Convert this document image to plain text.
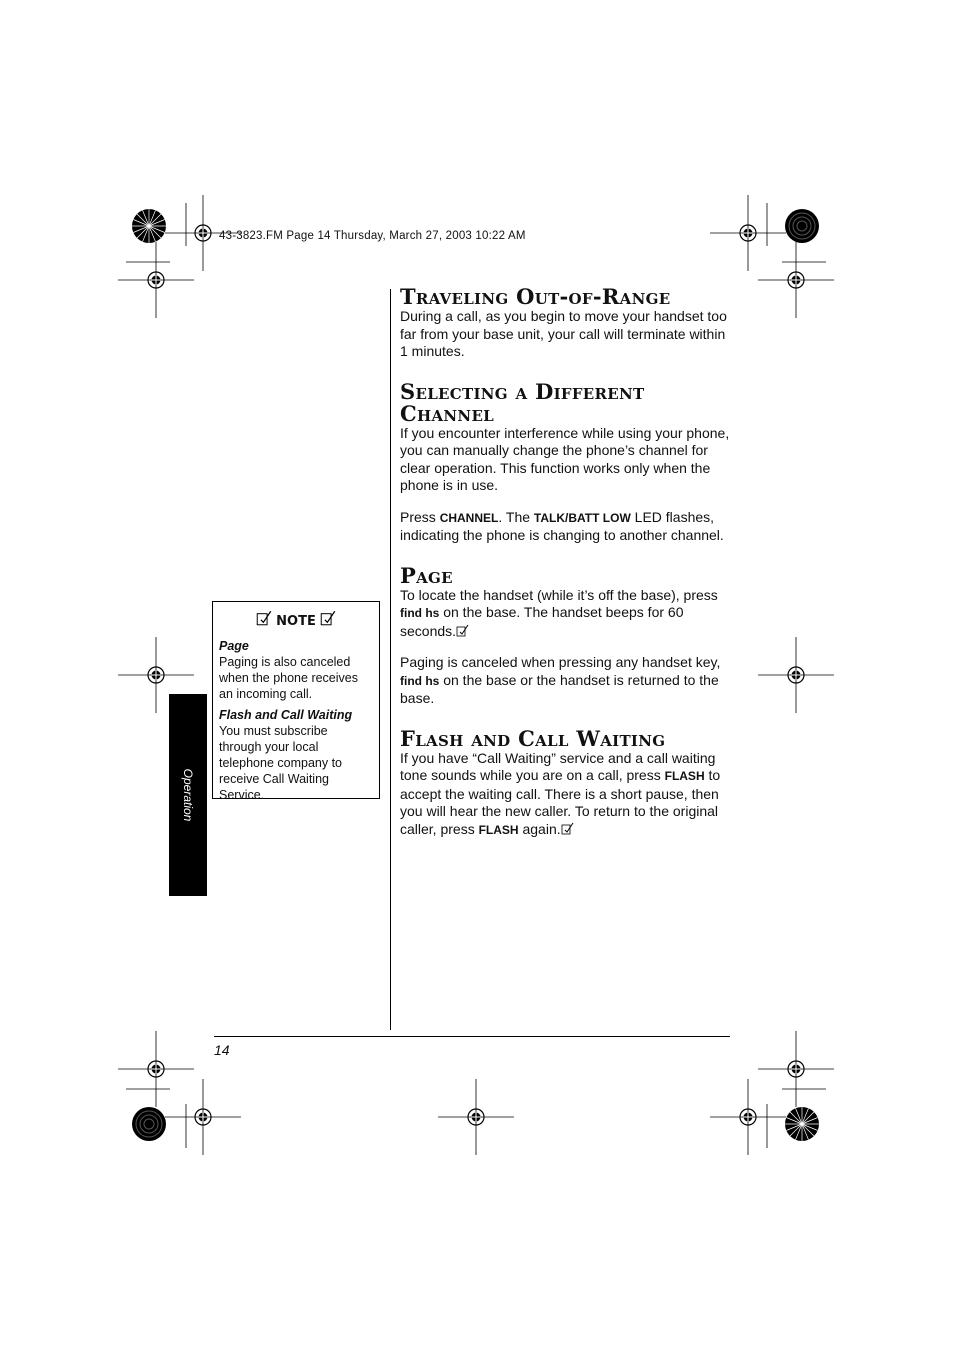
43-3823.FM Page 14 Thursday, March 27, 2003 10:22 AM
Traveling Out-of-Range

During a call, as you begin to move your handset too far from your base unit, your call will terminate within 1 minutes.

Selecting a Different Channel

If you encounter interference while using your phone, you can manually change the phone’s channel for clear operation. This function works only when the phone is in use.

Press CHANNEL. The TALK/BATT LOW LED flashes, indicating the phone is changing to another channel.

Page

To locate the handset (while it’s off the base), press find hs on the base. The handset beeps for 60 seconds.

Paging is canceled when pressing any handset key, find hs on the base or the handset is returned to the base.

Flash and Call Waiting

If you have “Call Waiting” service and a call waiting tone sounds while you are on a call, press FLASH to accept the waiting call. There is a short pause, then you will hear the new caller. To return to the original caller, press FLASH again.

NOTE

Page

Paging is also canceled when the phone receives an incoming call.

Flash and Call Waiting

You must subscribe through your local telephone company to receive Call Waiting Service.

Operation
14
